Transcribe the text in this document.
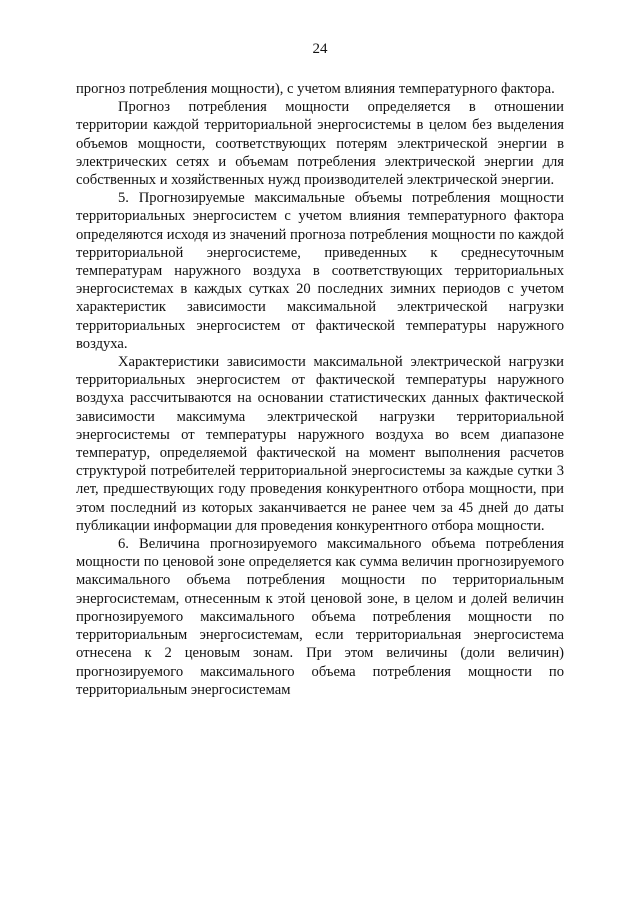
24

прогноз потребления мощности), с учетом влияния температурного фактора.

Прогноз потребления мощности определяется в отношении территории каждой территориальной энергосистемы в целом без выделения объемов мощности, соответствующих потерям электрической энергии в электрических сетях и объемам потребления электрической энергии для собственных и хозяйственных нужд производителей электрической энергии.

5. Прогнозируемые максимальные объемы потребления мощности территориальных энергосистем с учетом влияния температурного фактора определяются исходя из значений прогноза потребления мощности по каждой территориальной энергосистеме, приведенных к среднесуточным температурам наружного воздуха в соответствующих территориальных энергосистемах в каждых сутках 20 последних зимних периодов с учетом характеристик зависимости максимальной электрической нагрузки территориальных энергосистем от фактической температуры наружного воздуха.

Характеристики зависимости максимальной электрической нагрузки территориальных энергосистем от фактической температуры наружного воздуха рассчитываются на основании статистических данных фактической зависимости максимума электрической нагрузки территориальной энергосистемы от температуры наружного воздуха во всем диапазоне температур, определяемой фактической на момент выполнения расчетов структурой потребителей территориальной энергосистемы за каждые сутки 3 лет, предшествующих году проведения конкурентного отбора мощности, при этом последний из которых заканчивается не ранее чем за 45 дней до даты публикации информации для проведения конкурентного отбора мощности.

6. Величина прогнозируемого максимального объема потребления мощности по ценовой зоне определяется как сумма величин прогнозируемого максимального объема потребления мощности по территориальным энергосистемам, отнесенным к этой ценовой зоне, в целом и долей величин прогнозируемого максимального объема потребления мощности по территориальным энергосистемам, если территориальная энергосистема отнесена к 2 ценовым зонам. При этом величины (доли величин) прогнозируемого максимального объема потребления мощности по территориальным энергосистемам
